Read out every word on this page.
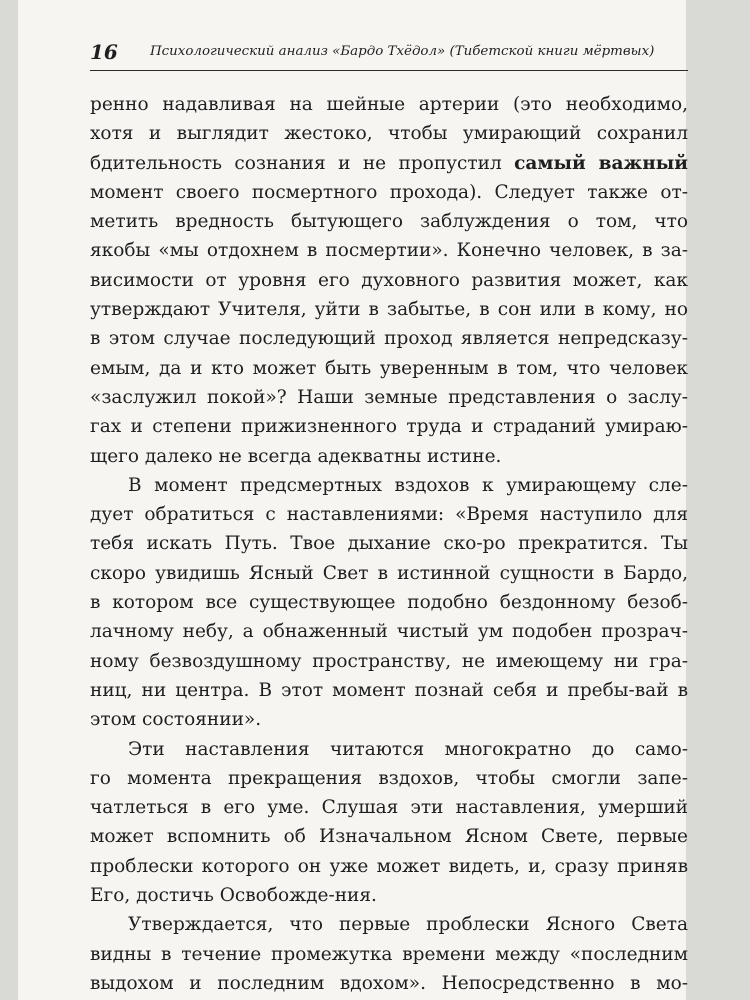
16 Психологический анализ «Бардо Тхёдол» (Тибетской книги мёртвых)
ренно надавливая на шейные артерии (это необходимо,
хотя и выглядит жестоко, чтобы умирающий сохранил
бдительность сознания и не пропустил самый важный
момент своего посмертного прохода). Следует также от-
метить вредность бытующего заблуждения о том, что
якобы «мы отдохнем в посмертии». Конечно человек, в за-
висимости от уровня его духовного развития может, как
утверждают Учителя, уйти в забытье, в сон или в кому, но
в этом случае последующий проход является непредсказу-
емым, да и кто может быть уверенным в том, что человек
«заслужил покой»? Наши земные представления о заслу-
гах и степени прижизненного труда и страданий умираю-
щего далеко не всегда адекватны истине.
В момент предсмертных вздохов к умирающему сле-
дует обратиться с наставлениями: «Время наступило для
тебя искать Путь. Твое дыхание ско-ро прекратится. Ты
скоро увидишь Ясный Свет в истинной сущности в Бардо,
в котором все существующее подобно бездонному безоб-
лачному небу, а обнаженный чистый ум подобен прозрач-
ному безвоздушному пространству, не имеющему ни гра-
ниц, ни центра. В этот момент познай себя и пребы-вай в
этом состоянии».
Эти наставления читаются многократно до само-
го момента прекращения вздохов, чтобы смогли запе-
чатлеться в его уме. Слушая эти наставления, умерший
может вспомнить об Изначальном Ясном Свете, первые
проблески которого он уже может видеть, и, сразу приняв
Его, достичь Освобожде-ния.
Утверждается, что первые проблески Ясного Света
видны в течение промежутка времени между «последним
выдохом и последним вдохом». Непосредственно в мо-
